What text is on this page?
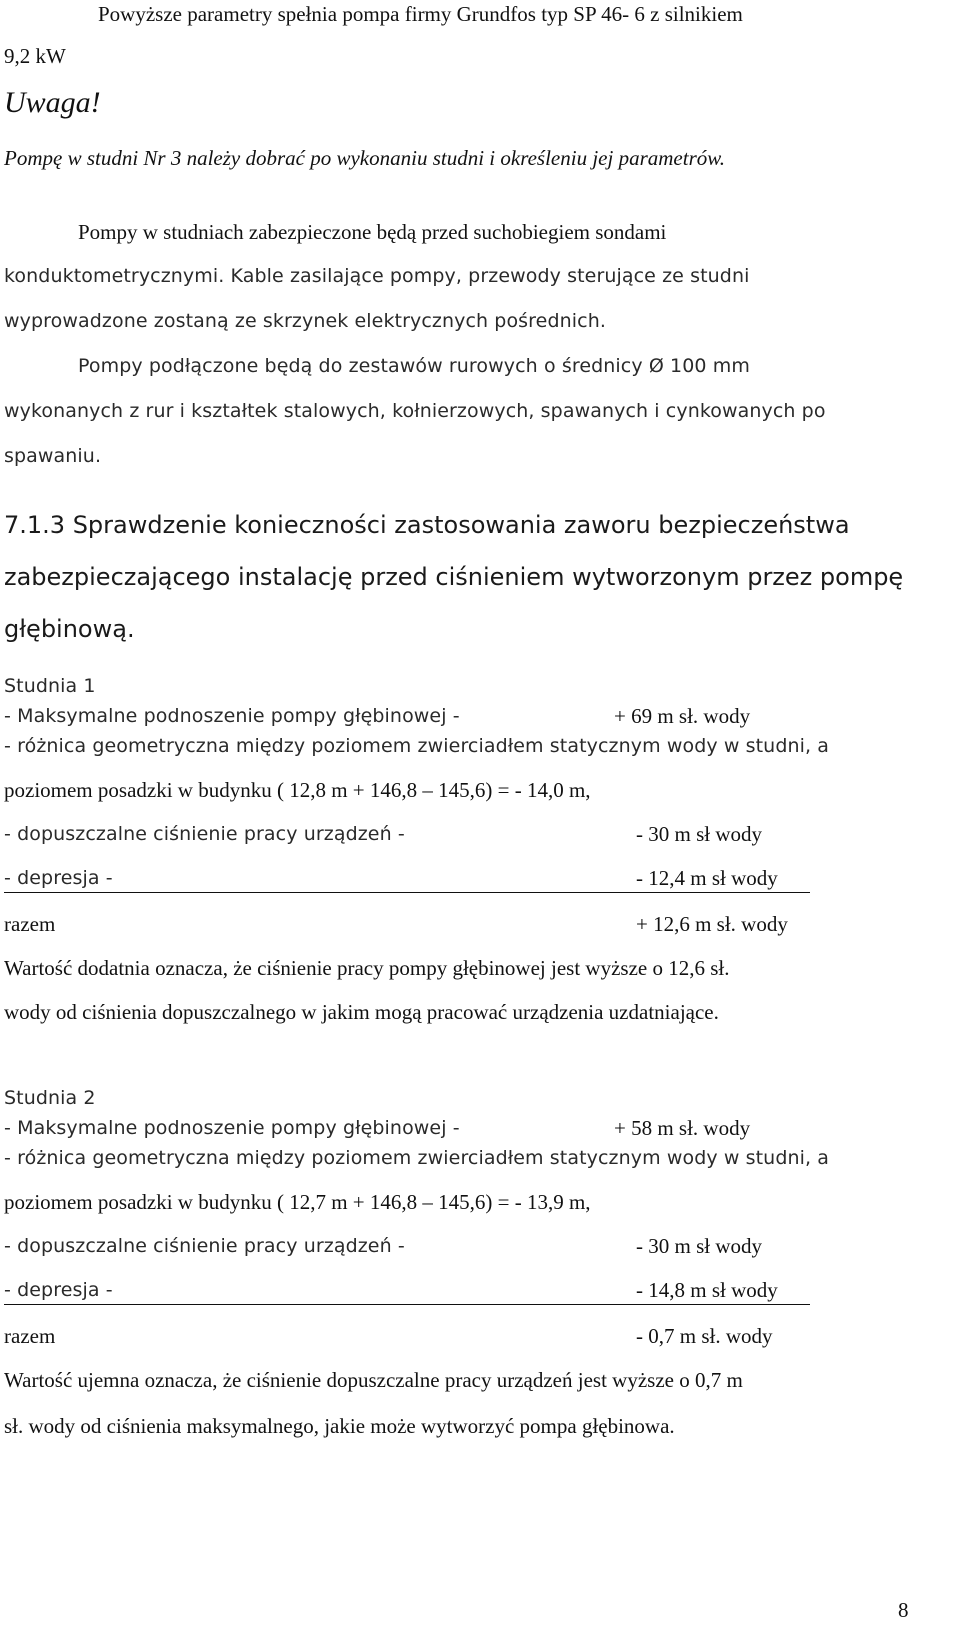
Powyższe parametry spełnia pompa firmy Grundfos typ SP 46- 6 z silnikiem
9,2 kW
Uwaga!
Pompę w studni Nr 3 należy dobrać po wykonaniu studni i określeniu jej parametrów.
Pompy w studniach zabezpieczone będą przed suchobiegiem sondami
konduktometrycznymi. Kable zasilające pompy, przewody sterujące ze studni
wyprowadzone zostaną ze skrzynek elektrycznych pośrednich.
Pompy podłączone będą do zestawów rurowych o średnicy Ø 100 mm
wykonanych z rur i kształtek stalowych, kołnierzowych, spawanych i cynkowanych po
spawaniu.
7.1.3 Sprawdzenie konieczności zastosowania zaworu bezpieczeństwa
zabezpieczającego instalację przed ciśnieniem wytworzonym przez pompę
głębinową.
Studnia 1
- Maksymalne podnoszenie pompy głębinowej -	+ 69 m sł. wody
- różnica geometryczna między poziomem zwierciadłem statycznym wody w studni, a
poziomem posadzki w budynku ( 12,8 m + 146,8 – 145,6) = - 14,0 m,
- dopuszczalne ciśnienie pracy urządzeń -	- 30 m sł wody
- depresja -	- 12,4 m sł wody
razem	+ 12,6 m sł. wody
Wartość dodatnia oznacza, że ciśnienie pracy pompy głębinowej jest wyższe o 12,6 sł.
wody od ciśnienia dopuszczalnego w jakim mogą pracować urządzenia uzdatniające.
Studnia 2
- Maksymalne podnoszenie pompy głębinowej -	+ 58 m sł. wody
- różnica geometryczna między poziomem zwierciadłem statycznym wody w studni, a
poziomem posadzki w budynku ( 12,7 m + 146,8 – 145,6) = - 13,9 m,
- dopuszczalne ciśnienie pracy urządzeń -	- 30 m sł wody
- depresja -	- 14,8 m sł wody
razem	- 0,7 m sł. wody
Wartość ujemna oznacza, że ciśnienie dopuszczalne pracy urządzeń jest wyższe o 0,7 m
sł. wody od ciśnienia maksymalnego, jakie może wytworzyć pompa głębinowa.
8
